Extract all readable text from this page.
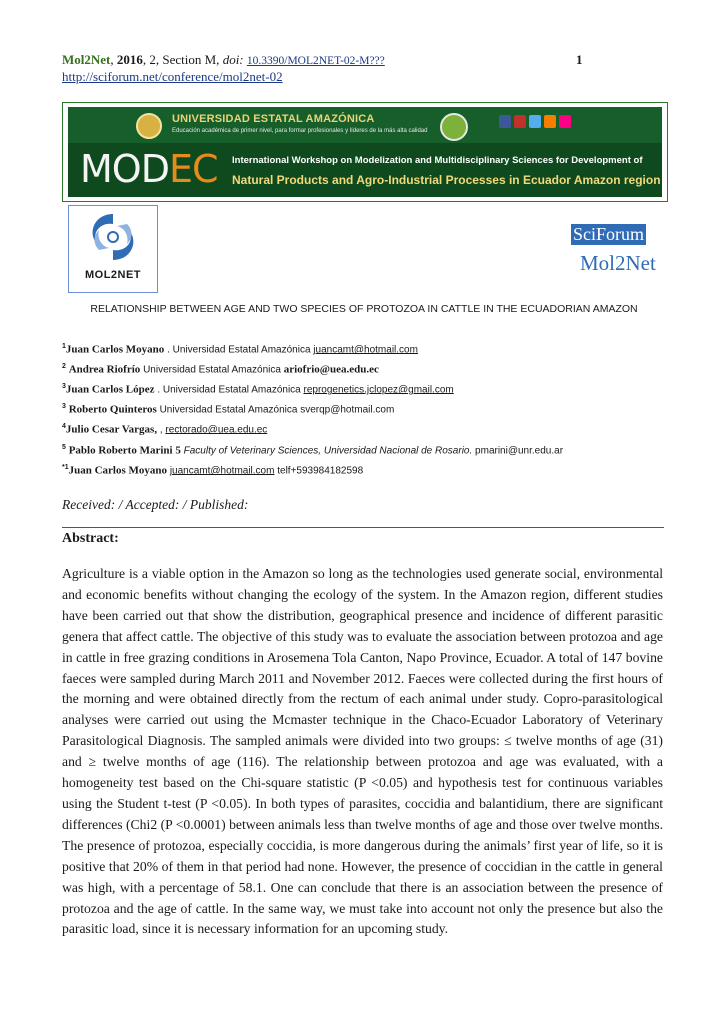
Mol2Net, 2016, 2, Section M, doi: 10.3390/MOL2NET-02-M???	1
http://sciforum.net/conference/mol2net-02
UNIVERSIDAD ESTATAL AMAZÓNICA
Educación académica de primer nivel, para formar profesionales y líderes de la más alta calidad
MODEC International Workshop on Modelization and Multidisciplinary Sciences for Development of
Natural Products and Agro-Industrial Processes in Ecuador Amazon region
MOL2NET
SciForum
Mol2Net
RELATIONSHIP BETWEEN AGE AND TWO SPECIES OF PROTOZOA IN CATTLE IN THE ECUADORIAN AMAZON
$^1$Juan Carlos Moyano . Universidad Estatal Amazónica juancamt@hotmail.com
$^2$ Andrea Riofrío Universidad Estatal Amazónica ariofrio@uea.edu.ec
$^3$Juan Carlos López . Universidad Estatal Amazónica reprogenetics.jclopez@gmail.com
$^3$ Roberto Quinteros Universidad Estatal Amazónica sverqp@hotmail.com
$^4$Julio Cesar Vargas, , rectorado@uea.edu.ec
$^5$ Pablo Roberto Marini 5 Faculty of Veterinary Sciences, Universidad Nacional de Rosario. pmarini@unr.edu.ar
$^{*1}$Juan Carlos Moyano juancamt@hotmail.com telf+593984182598
Received: / Accepted: / Published:
Abstract:
Agriculture is a viable option in the Amazon so long as the technologies used generate social, environmental and economic benefits without changing the ecology of the system. In the Amazon region, different studies have been carried out that show the distribution, geographical presence and incidence of different parasitic genera that affect cattle. The objective of this study was to evaluate the association between protozoa and age in cattle in free grazing conditions in Arosemena Tola Canton, Napo Province, Ecuador. A total of 147 bovine faeces were sampled during March 2011 and November 2012. Faeces were collected during the first hours of the morning and were obtained directly from the rectum of each animal under study. Copro-parasitological analyses were carried out using the Mcmaster technique in the Chaco-Ecuador Laboratory of Veterinary Parasitological Diagnosis. The sampled animals were divided into two groups: ≤ twelve months of age (31) and ≥ twelve months of age (116). The relationship between protozoa and age was evaluated, with a homogeneity test based on the Chi-square statistic (P <0.05) and hypothesis test for continuous variables using the Student t-test (P <0.05). In both types of parasites, coccidia and balantidium, there are significant differences (Chi2 (P <0.0001) between animals less than twelve months of age and those over twelve months. The presence of protozoa, especially coccidia, is more dangerous during the animals’ first year of life, so it is positive that 20% of them in that period had none. However, the presence of coccidian in the cattle in general was high, with a percentage of 58.1. One can conclude that there is an association between the presence of protozoa and the age of cattle. In the same way, we must take into account not only the presence but also the parasitic load, since it is necessary information for an upcoming study.
